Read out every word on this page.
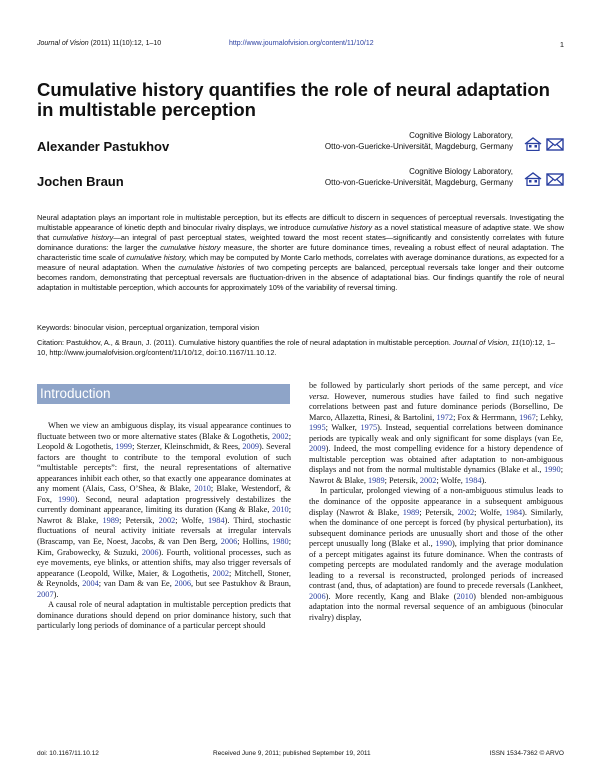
Journal of Vision (2011) 11(10):12, 1–10	http://www.journalofvision.org/content/11/10/12	1
Cumulative history quantifies the role of neural adaptation in multistable perception
Alexander Pastukhov
Cognitive Biology Laboratory,
Otto-von-Guericke-Universität, Magdeburg, Germany
Jochen Braun
Cognitive Biology Laboratory,
Otto-von-Guericke-Universität, Magdeburg, Germany

Neural adaptation plays an important role in multistable perception, but its effects are difficult to discern in sequences of perceptual reversals. Investigating the multistable appearance of kinetic depth and binocular rivalry displays, we introduce cumulative history as a novel statistical measure of adaptive state. We show that cumulative history—an integral of past perceptual states, weighted toward the most recent states—significantly and consistently correlates with future dominance durations: the larger the cumulative history measure, the shorter are future dominance times, revealing a robust effect of neural adaptation. The characteristic time scale of cumulative history, which may be computed by Monte Carlo methods, correlates with average dominance durations, as expected for a measure of neural adaptation. When the cumulative histories of two competing percepts are balanced, perceptual reversals take longer and their outcome becomes random, demonstrating that perceptual reversals are fluctuation-driven in the absence of adaptational bias. Our findings quantify the role of neural adaptation in multistable perception, which accounts for approximately 10% of the variability of reversal timing.

Keywords: binocular vision, perceptual organization, temporal vision
Citation: Pastukhov, A., & Braun, J. (2011). Cumulative history quantifies the role of neural adaptation in multistable perception. Journal of Vision, 11(10):12, 1–10, http://www.journalofvision.org/content/11/10/12, doi:10.1167/11.10.12.
Introduction

When we view an ambiguous display, its visual appearance continues to fluctuate between two or more alternative states (Blake & Logothetis, 2002; Leopold & Logothetis, 1999; Sterzer, Kleinschmidt, & Rees, 2009). Several factors are thought to contribute to the temporal evolution of such “multistable percepts”: first, the neural representations of alternative appearances inhibit each other, so that exactly one appearance dominates at any moment (Alais, Cass, O’Shea, & Blake, 2010; Blake, Westendorf, & Fox, 1990). Second, neural adaptation progressively destabilizes the currently dominant appearance, limiting its duration (Kang & Blake, 2010; Nawrot & Blake, 1989; Petersik, 2002; Wolfe, 1984). Third, stochastic fluctuations of neural activity initiate reversals at irregular intervals (Brascamp, van Ee, Noest, Jacobs, & van Den Berg, 2006; Hollins, 1980; Kim, Grabowecky, & Suzuki, 2006). Fourth, volitional processes, such as eye movements, eye blinks, or attention shifts, may also trigger reversals of appearance (Leopold, Wilke, Maier, & Logothetis, 2002; Mitchell, Stoner, & Reynolds, 2004; van Dam & van Ee, 2006, but see Pastukhov & Braun, 2007).

A causal role of neural adaptation in multistable perception predicts that dominance durations should depend on prior dominance history, such that particularly long periods of dominance of a particular percept should

be followed by particularly short periods of the same percept, and vice versa. However, numerous studies have failed to find such negative correlations between past and future dominance periods (Borsellino, De Marco, Allazetta, Rinesi, & Bartolini, 1972; Fox & Herrmann, 1967; Lehky, 1995; Walker, 1975). Instead, sequential correlations between dominance periods are typically weak and only significant for some displays (van Ee, 2009). Indeed, the most compelling evidence for a history dependence of multistable perception was obtained after adaptation to non-ambiguous displays and not from the normal multistable dynamics (Blake et al., 1990; Nawrot & Blake, 1989; Petersik, 2002; Wolfe, 1984).

In particular, prolonged viewing of a non-ambiguous stimulus leads to the dominance of the opposite appearance in a subsequent ambiguous display (Nawrot & Blake, 1989; Petersik, 2002; Wolfe, 1984). Similarly, when the dominance of one percept is forced (by physical perturbation), its subsequent dominance periods are unusually short and those of the other percept unusually long (Blake et al., 1990), implying that prior dominance of a percept mitigates against its future dominance. When the contrasts of competing percepts are modulated randomly and the average modulation leading to a reversal is reconstructed, prolonged periods of increased contrast (and, thus, of adaptation) are found to precede reversals (Lankheet, 2006). More recently, Kang and Blake (2010) blended non-ambiguous adaptation into the normal reversal sequence of an ambiguous (binocular rivalry) display,

doi: 10.1167/11.10.12	Received June 9, 2011; published September 19, 2011	ISSN 1534-7362 © ARVO
